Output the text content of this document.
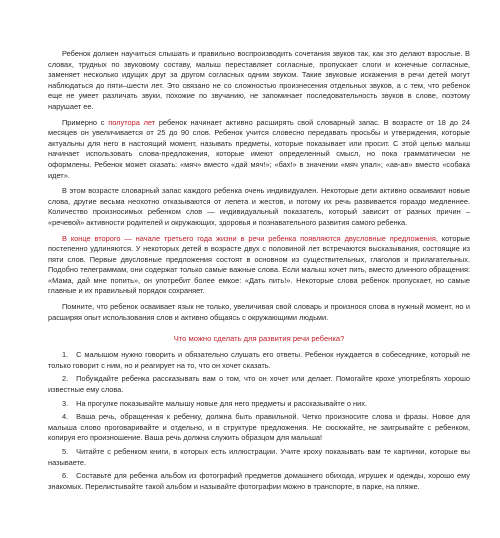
Ребенок должен научиться слышать и правильно воспроизводить сочетания звуков так, как это делают взрослые. В словах, трудных по звуковому составу, малыш переставляет согласные, пропускает слоги и конечные согласные, заменяет несколько идущих друг за другом согласных одним звуком. Такие звуковые искажения в речи детей могут наблюдаться до пяти–шести лет. Это связано не со сложностью произнесения отдельных звуков, а с тем, что ребенок еще не умеет различать звуки, похожие по звучанию, не запоминает последовательность звуков в слове, поэтому нарушает ее.

Примерно с полутора лет ребенок начинает активно расширять свой словарный запас. В возрасте от 18 до 24 месяцев он увеличивается от 25 до 90 слов. Ребенок учится словесно передавать просьбы и утверждения, которые актуальны для него в настоящий момент, называть предметы, которые показывает или просит. С этой целью малыш начинает использовать слова-предложения, которые имеют определенный смысл, но пока грамматически не оформлены. Ребенок может сказать: «мяч» вместо «дай мяч!»; «бах!» в значении «мяч упал»; «ав-ав» вместо «собака идет».

В этом возрасте словарный запас каждого ребенка очень индивидуален. Некоторые дети активно осваивают новые слова, другие весьма неохотно отказываются от лепета и жестов, и потому их речь развивается гораздо медленнее. Количество произносимых ребенком слов — индивидуальный показатель, который зависит от разных причин – «речевой» активности родителей и окружающих, здоровья и познавательного развития самого ребенка.

В конце второго — начале третьего года жизни в речи ребенка появляются двусловные предложения, которые постепенно удлиняются. У некоторых детей в возрасте двух с половиной лет встречаются высказывания, состоящие из пяти слов. Первые двусловные предложения состоят в основном из существительных, глаголов и прилагательных. Подобно телеграммам, они содержат только самые важные слова. Если малыш хочет пить, вместо длинного обращения: «Мама, дай мне попить», он употребит более емкое: «Дать пить!». Некоторые слова ребенок пропускает, но самые главные и их правильный порядок сохраняет.

Помните, что ребенок осваивает язык не только, увеличивая свой словарь и произнося слова в нужный момент, но и расширяя опыт использования слов и активно общаясь с окружающими людьми.

Что можно сделать для развития речи ребенка?
1. С малышом нужно говорить и обязательно слушать его ответы. Ребенок нуждается в собеседнике, который не только говорит с ним, но и реагирует на то, что он хочет сказать.
2. Побуждайте ребенка рассказывать вам о том, что он хочет или делает. Помогайте крохе употреблять хорошо известные ему слова.
3. На прогулке показывайте малышу новые для него предметы и рассказывайте о них.
4. Ваша речь, обращенная к ребенку, должна быть правильной. Четко произносите слова и фразы. Новое для малыша слово проговаривайте и отдельно, и в структуре предложения. Не сюсюкайте, не заигрывайте с ребенком, копируя его произношение. Ваша речь должна служить образцом для малыша!
5. Читайте с ребенком книги, в которых есть иллюстрации. Учите кроху показывать вам те картинки, которые вы называете.
6. Составьте для ребенка альбом из фотографий предметов домашнего обихода, игрушек и одежды, хорошо ему знакомых. Перелистывайте такой альбом и называйте фотографии можно в транспорте, в парке, на пляже.
